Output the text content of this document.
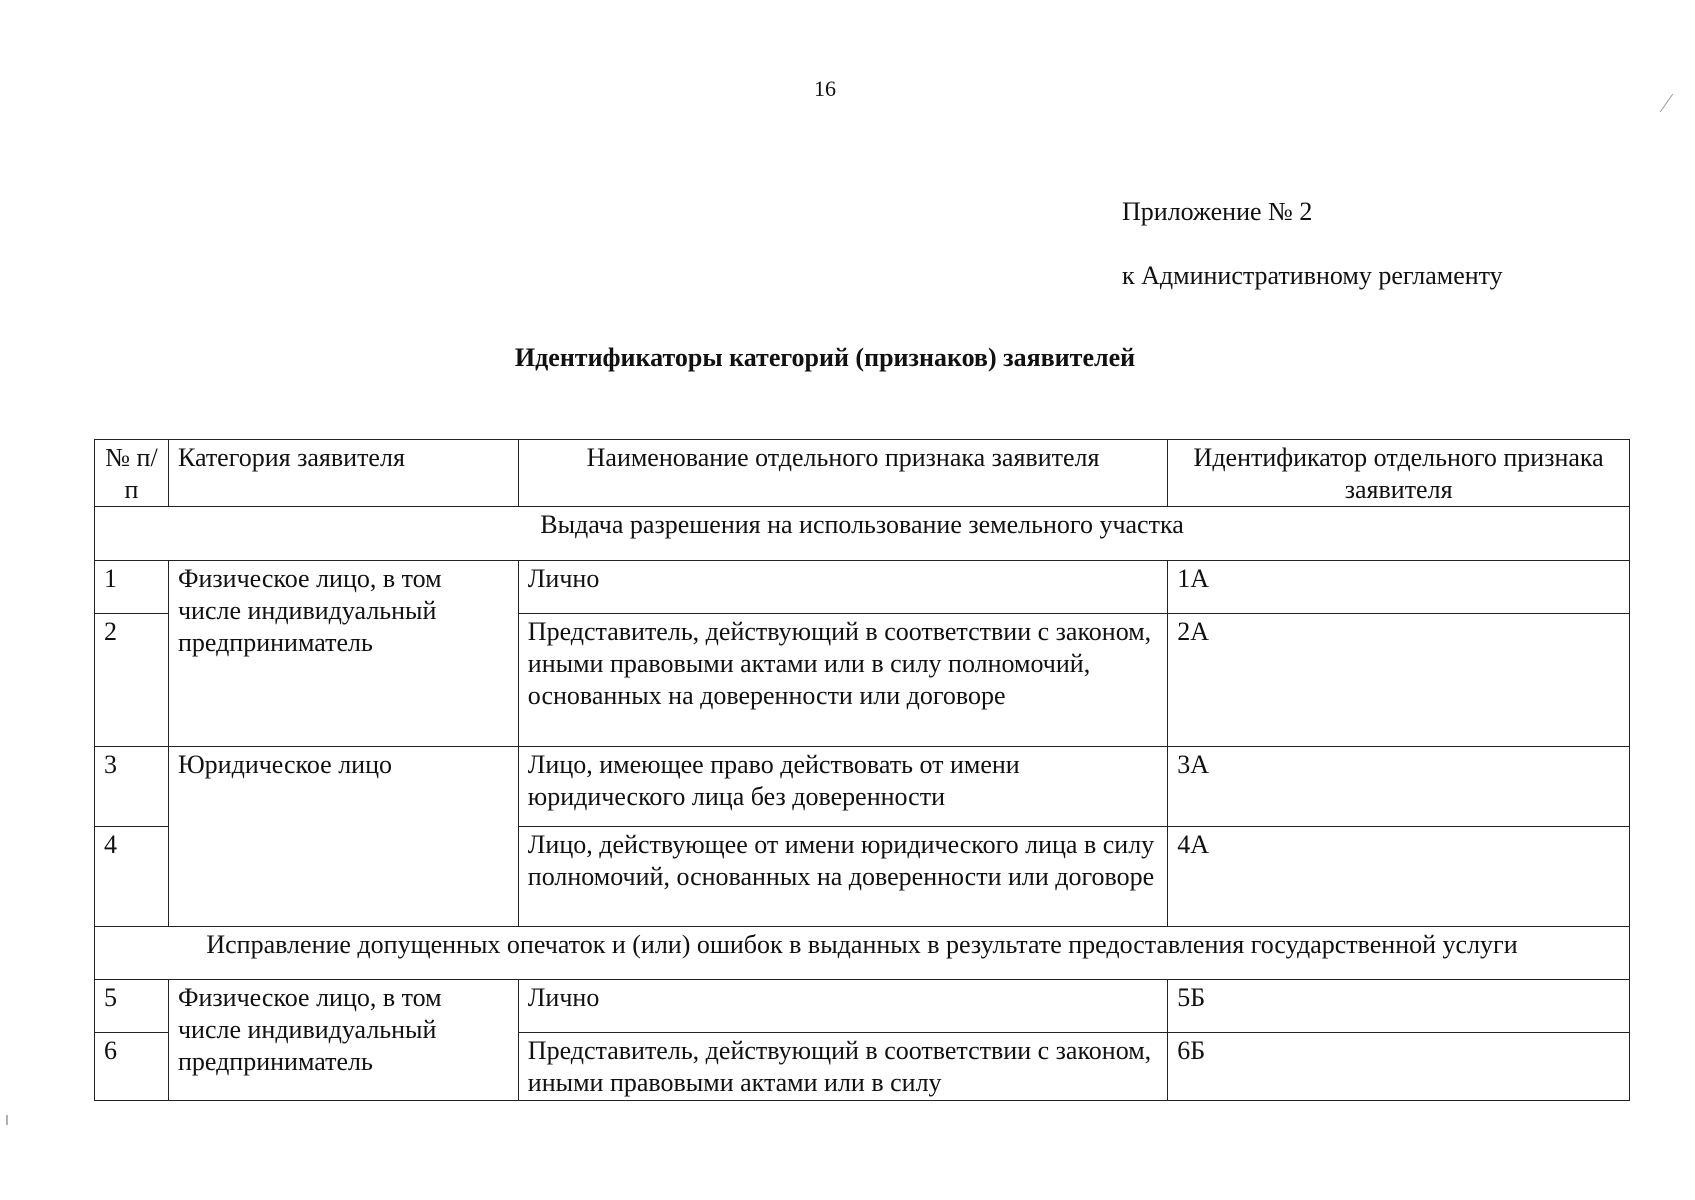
16
Приложение № 2
к Административному регламенту
Идентификаторы категорий (признаков) заявителей
№ п/п	Категория заявителя	Наименование отдельного признака заявителя	Идентификатор отдельного признака заявителя
Выдача разрешения на использование земельного участка			
1	Физическое лицо, в том числе индивидуальный предприниматель	Лично	1А
2		Представитель, действующий в соответствии с законом, иными правовыми актами или в силу полномочий, основанных на доверенности или договоре	2А
3	Юридическое лицо	Лицо, имеющее право действовать от имени юридического лица без доверенности	3А
4		Лицо, действующее от имени юридического лица в силу полномочий, основанных на доверенности или договоре	4А
Исправление допущенных опечаток и (или) ошибок в выданных в результате предоставления государственной услуги			
5	Физическое лицо, в том числе индивидуальный предприниматель	Лично	5Б
6		Представитель, действующий в соответствии с законом, иными правовыми актами или в силу	6Б
